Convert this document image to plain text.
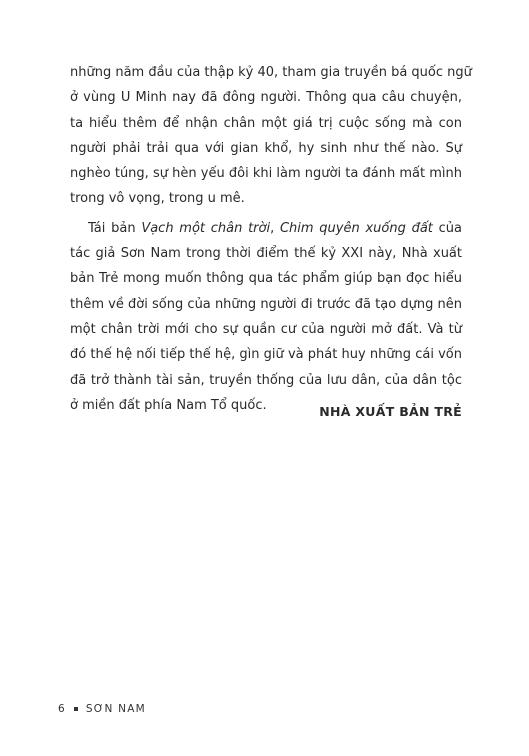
những năm đầu của thập kỷ 40, tham gia truyền bá quốc ngữ
ở vùng U Minh nay đã đông người. Thông qua câu chuyện,
ta hiểu thêm để nhận chân một giá trị cuộc sống mà con
người phải trải qua với gian khổ, hy sinh như thế nào. Sự
nghèo túng, sự hèn yếu đôi khi làm người ta đánh mất mình
trong vô vọng, trong u mê.
Tái bản Vạch một chân trời, Chim quyên xuống đất của
tác giả Sơn Nam trong thời điểm thế kỷ XXI này, Nhà xuất
bản Trẻ mong muốn thông qua tác phẩm giúp bạn đọc hiểu
thêm về đời sống của những người đi trước đã tạo dựng nên
một chân trời mới cho sự quần cư của người mở đất. Và từ
đó thế hệ nối tiếp thế hệ, gìn giữ và phát huy những cái vốn
đã trở thành tài sản, truyền thống của lưu dân, của dân tộc
ở miền đất phía Nam Tổ quốc.	NHÀ XUẤT BẢN TRẺ
6 SƠN NAM
